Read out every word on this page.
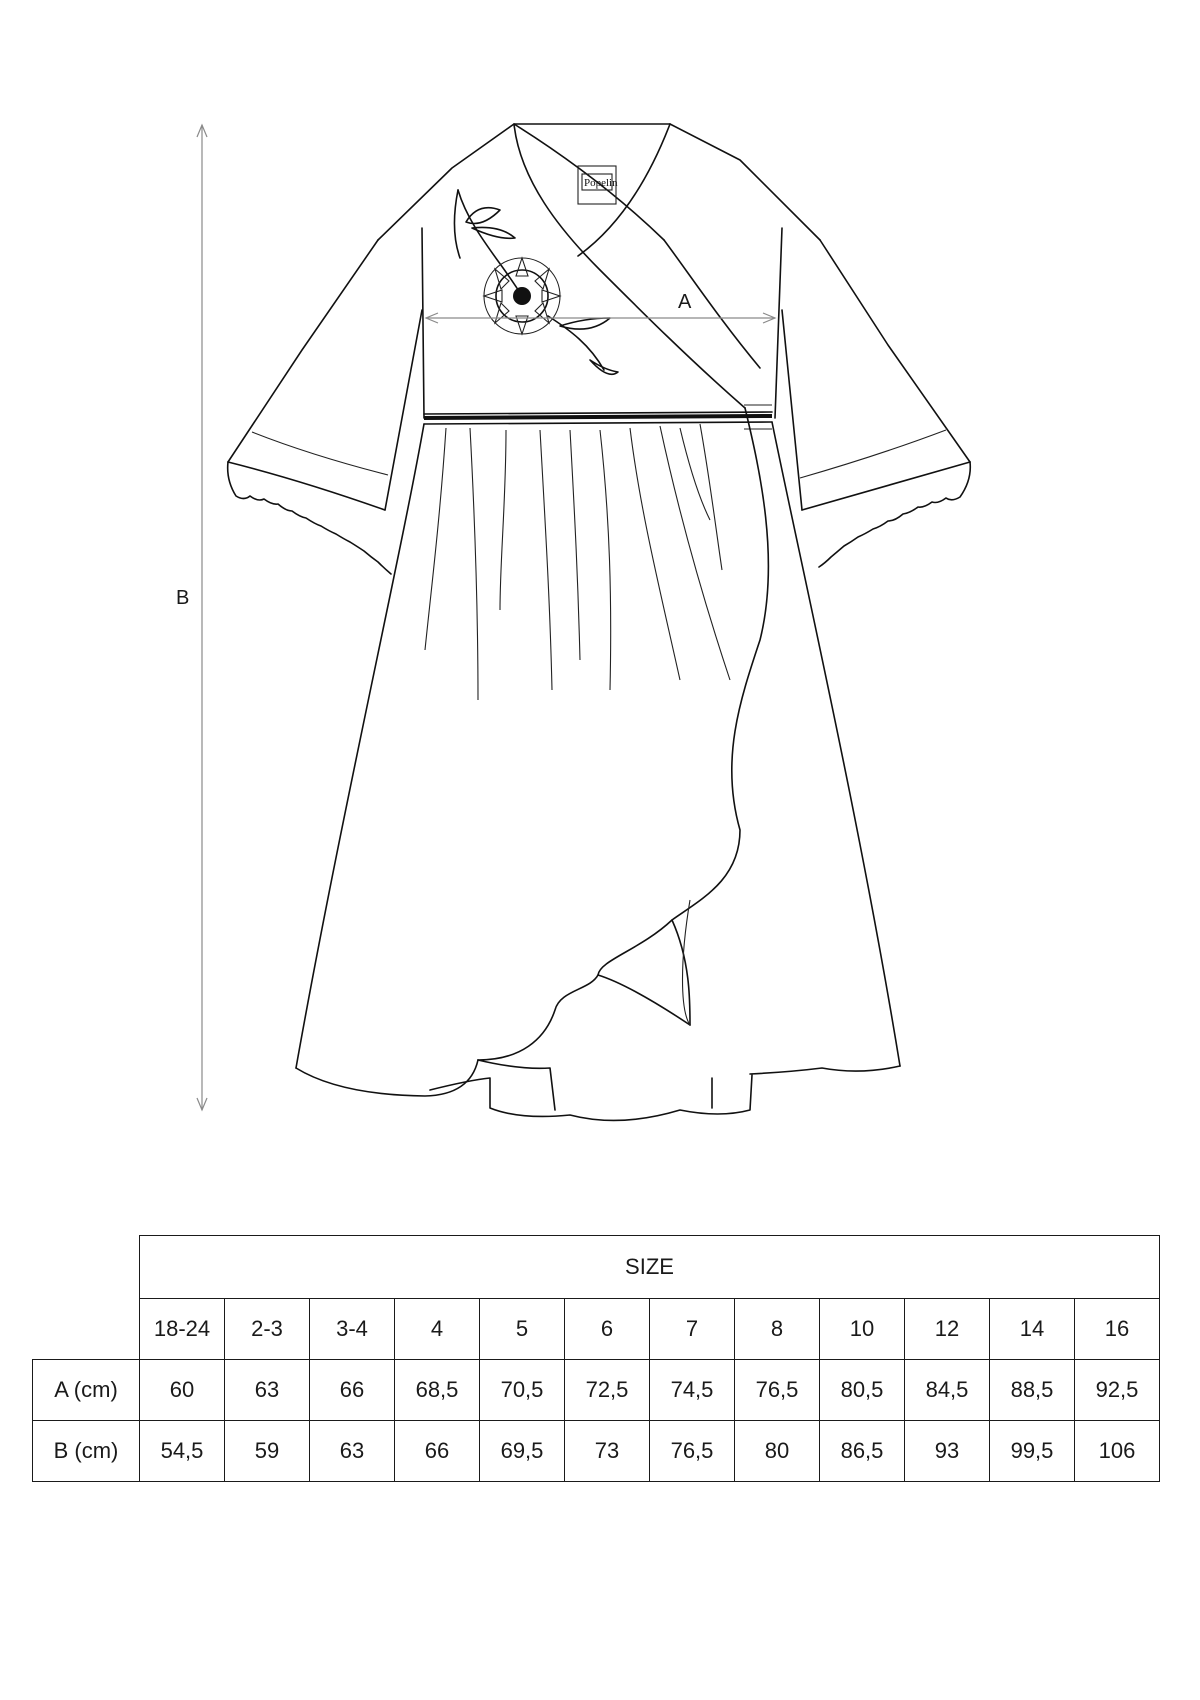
B
Popelin
A
	SIZE											
	18-24	2-3	3-4	4	5	6	7	8	10	12	14	16
A (cm)	60	63	66	68,5	70,5	72,5	74,5	76,5	80,5	84,5	88,5	92,5
B (cm)	54,5	59	63	66	69,5	73	76,5	80	86,5	93	99,5	106
